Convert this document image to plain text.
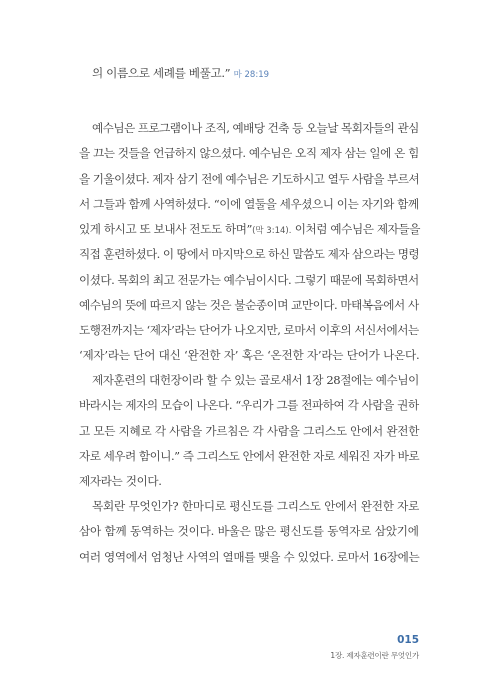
의 이름으로 세례를 베풀고.” 마 28:19
예수님은 프로그램이나 조직, 예배당 건축 등 오늘날 목회자들의 관심
을 끄는 것들을 언급하지 않으셨다. 예수님은 오직 제자 삼는 일에 온 힘
을 기울이셨다. 제자 삼기 전에 예수님은 기도하시고 열두 사람을 부르셔
서 그들과 함께 사역하셨다. “이에 열둘을 세우셨으니 이는 자기와 함께
있게 하시고 또 보내사 전도도 하며”(막 3:14). 이처럼 예수님은 제자들을
직접 훈련하셨다. 이 땅에서 마지막으로 하신 말씀도 제자 삼으라는 명령
이셨다. 목회의 최고 전문가는 예수님이시다. 그렇기 때문에 목회하면서
예수님의 뜻에 따르지 않는 것은 불순종이며 교만이다. 마태복음에서 사
도행전까지는 ‘제자’라는 단어가 나오지만, 로마서 이후의 서신서에서는
‘제자’라는 단어 대신 ‘완전한 자’ 혹은 ‘온전한 자’라는 단어가 나온다.
제자훈련의 대헌장이라 할 수 있는 골로새서 1장 28절에는 예수님이
바라시는 제자의 모습이 나온다. “우리가 그를 전파하여 각 사람을 권하
고 모든 지혜로 각 사람을 가르침은 각 사람을 그리스도 안에서 완전한
자로 세우려 함이니.” 즉 그리스도 안에서 완전한 자로 세워진 자가 바로
제자라는 것이다.
목회란 무엇인가? 한마디로 평신도를 그리스도 안에서 완전한 자로
삼아 함께 동역하는 것이다. 바울은 많은 평신도를 동역자로 삼았기에
여러 영역에서 엄청난 사역의 열매를 맺을 수 있었다. 로마서 16장에는
015
1장. 제자훈련이란 무엇인가
